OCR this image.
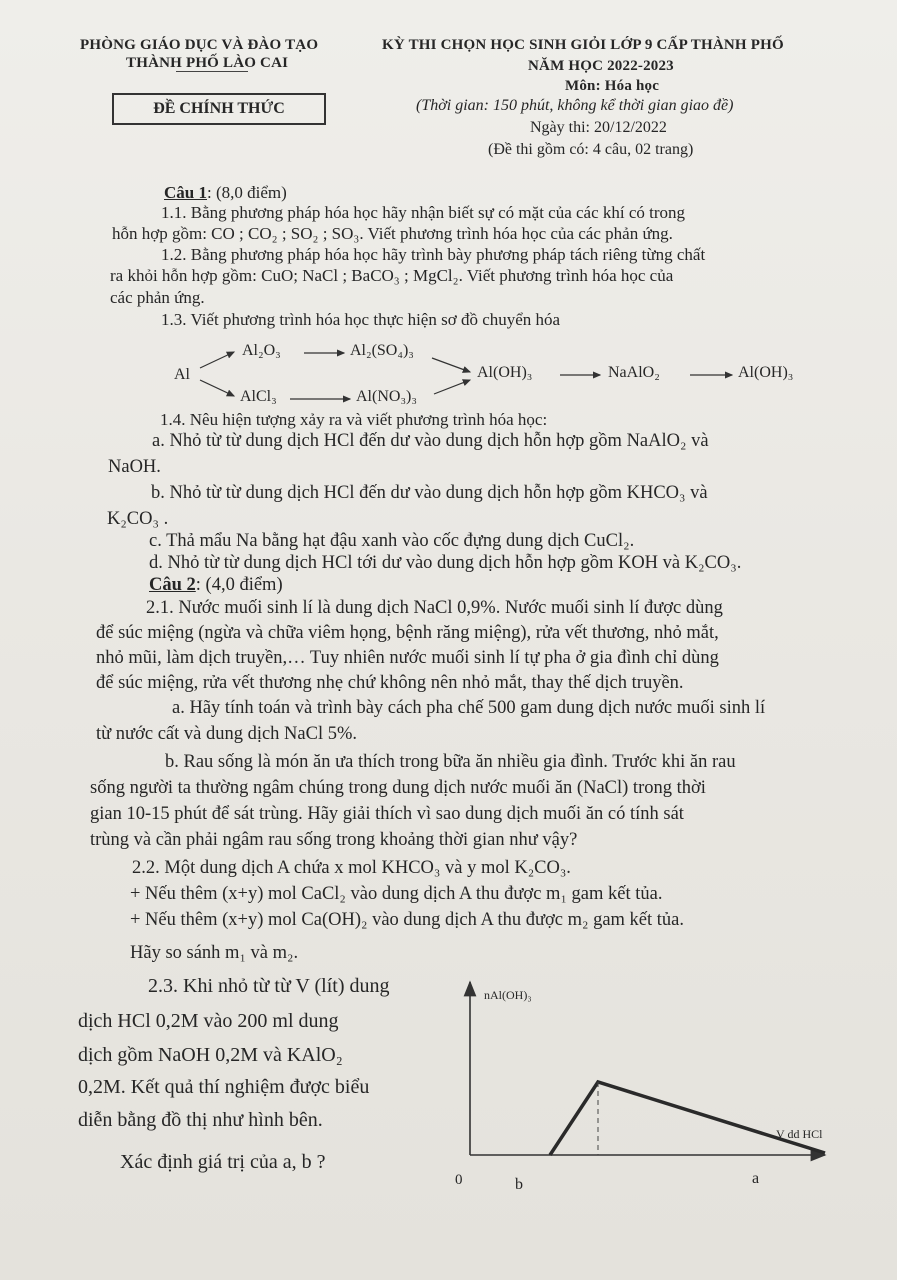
PHÒNG GIÁO DỤC VÀ ĐÀO TẠO
THÀNH PHỐ LÀO CAI
KỲ THI CHỌN HỌC SINH GIỎI LỚP 9 CẤP THÀNH PHỐ
NĂM HỌC 2022-2023
Môn: Hóa học
ĐỀ CHÍNH THỨC	(Thời gian: 150 phút, không kể thời gian giao đề)
Ngày thi: 20/12/2022
(Đề thi gồm có: 4 câu, 02 trang)
Câu 1: (8,0 điểm)
1.1. Bằng phương pháp hóa học hãy nhận biết sự có mặt của các khí có trong
hỗn hợp gồm: CO ; CO₂ ; SO₂ ; SO₃. Viết phương trình hóa học của các phản ứng.
1.2. Bằng phương pháp hóa học hãy trình bày phương pháp tách riêng từng chất
ra khỏi hỗn hợp gồm: CuO; NaCl ; BaCO₃ ; MgCl₂. Viết phương trình hóa học của
các phản ứng.
1.3. Viết phương trình hóa học thực hiện sơ đồ chuyển hóa
Al
Al₂O₃	Al₂(SO₄)₃
AlCl₃	Al(NO₃)₃
Al(OH)₃	NaAlO₂	Al(OH)₃
1.4. Nêu hiện tượng xảy ra và viết phương trình hóa học:
a. Nhỏ từ từ dung dịch HCl đến dư vào dung dịch hỗn hợp gồm NaAlO₂ và
NaOH.
b. Nhỏ từ từ dung dịch HCl đến dư vào dung dịch hỗn hợp gồm KHCO₃ và
K₂CO₃ .
c. Thả mẩu Na bằng hạt đậu xanh vào cốc đựng dung dịch CuCl₂.
d. Nhỏ từ từ dung dịch HCl tới dư vào dung dịch hỗn hợp gồm KOH và K₂CO₃.
Câu 2: (4,0 điểm)
2.1. Nước muối sinh lí là dung dịch NaCl 0,9%. Nước muối sinh lí được dùng
để súc miệng (ngừa và chữa viêm họng, bệnh răng miệng), rửa vết thương, nhỏ mắt,
nhỏ mũi, làm dịch truyền,… Tuy nhiên nước muối sinh lí tự pha ở gia đình chỉ dùng
để súc miệng, rửa vết thương nhẹ chứ không nên nhỏ mắt, thay thế dịch truyền.
a. Hãy tính toán và trình bày cách pha chế 500 gam dung dịch nước muối sinh lí
từ nước cất và dung dịch NaCl 5%.
b. Rau sống là món ăn ưa thích trong bữa ăn nhiều gia đình. Trước khi ăn rau
sống người ta thường ngâm chúng trong dung dịch nước muối ăn (NaCl) trong thời
gian 10-15 phút để sát trùng. Hãy giải thích vì sao dung dịch muối ăn có tính sát
trùng và cần phải ngâm rau sống trong khoảng thời gian như vậy?
2.2. Một dung dịch A chứa x mol KHCO₃ và y mol K₂CO₃.
+ Nếu thêm (x+y) mol CaCl₂ vào dung dịch A thu được m₁ gam kết tủa.
+ Nếu thêm (x+y) mol Ca(OH)₂ vào dung dịch A thu được m₂ gam kết tủa.
Hãy so sánh m₁ và m₂.
2.3. Khi nhỏ từ từ V (lít) dung
dịch HCl 0,2M vào 200 ml dung
dịch gồm NaOH 0,2M và KAlO₂
0,2M. Kết quả thí nghiệm được biểu
diễn bằng đồ thị như hình bên.
Xác định giá trị của a, b ?
nAl(OH)₃
V dd HCl
0	b	a
